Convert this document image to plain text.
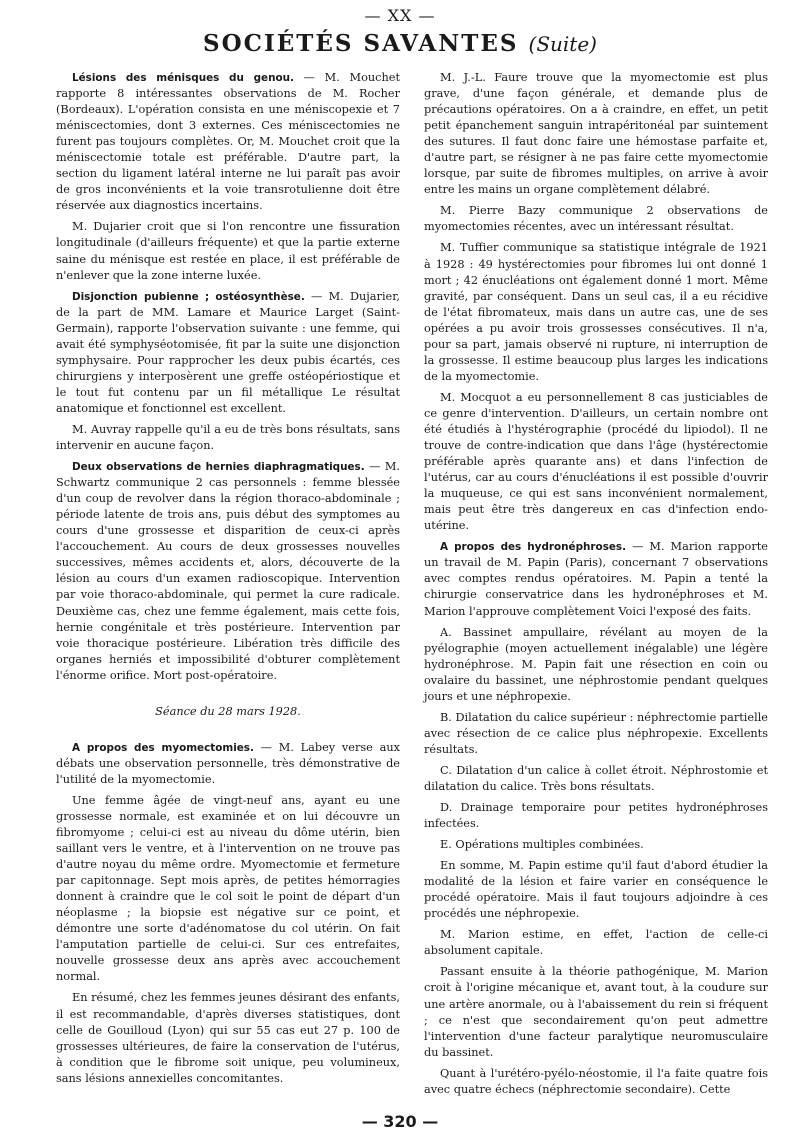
— XX —
SOCIÉTÉS SAVANTES (Suite)

Lésions des ménisques du genou. — M. Mouchet rapporte 8 intéressantes observations de M. Rocher (Bordeaux). L'opération consista en une méniscopexie et 7 méniscectomies, dont 3 externes. Ces méniscectomies ne furent pas toujours complètes. Or, M. Mouchet croit que la méniscectomie totale est préférable. D'autre part, la section du ligament latéral interne ne lui paraît pas avoir de gros inconvénients et la voie transrotulienne doit être réservée aux diagnostics incertains.

M. Dujarier croit que si l'on rencontre une fissuration longitudinale (d'ailleurs fréquente) et que la partie externe saine du ménisque est restée en place, il est préférable de n'enlever que la zone interne luxée.

Disjonction pubienne ; ostéosynthèse. — M. Dujarier, de la part de MM. Lamare et Maurice Larget (Saint-Germain), rapporte l'observation suivante : une femme, qui avait été symphyséotomisée, fit par la suite une disjonction symphysaire. Pour rapprocher les deux pubis écartés, ces chirurgiens y interposèrent une greffe ostéopériostique et le tout fut contenu par un fil métallique Le résultat anatomique et fonctionnel est excellent.

M. Auvray rappelle qu'il a eu de très bons résultats, sans intervenir en aucune façon.

Deux observations de hernies diaphragmatiques. — M. Schwartz communique 2 cas personnels : femme blessée d'un coup de revolver dans la région thoraco-abdominale ; période latente de trois ans, puis début des symptomes au cours d'une grossesse et disparition de ceux-ci après l'accouchement. Au cours de deux grossesses nouvelles successives, mêmes accidents et, alors, découverte de la lésion au cours d'un examen radioscopique. Intervention par voie thoraco-abdominale, qui permet la cure radicale. Deuxième cas, chez une femme également, mais cette fois, hernie congénitale et très postérieure. Intervention par voie thoracique postérieure. Libération très difficile des organes herniés et impossibilité d'obturer complètement l'énorme orifice. Mort post-opératoire.

Séance du 28 mars 1928.

A propos des myomectomies. — M. Labey verse aux débats une observation personnelle, très démonstrative de l'utilité de la myomectomie.

Une femme âgée de vingt-neuf ans, ayant eu une grossesse normale, est examinée et on lui découvre un fibromyome ; celui-ci est au niveau du dôme utérin, bien saillant vers le ventre, et à l'intervention on ne trouve pas d'autre noyau du même ordre. Myomectomie et fermeture par capitonnage. Sept mois après, de petites hémorragies donnent à craindre que le col soit le point de départ d'un néoplasme ; la biopsie est négative sur ce point, et démontre une sorte d'adénomatose du col utérin. On fait l'amputation partielle de celui-ci. Sur ces entrefaites, nouvelle grossesse deux ans après avec accouchement normal.

En résumé, chez les femmes jeunes désirant des enfants, il est recommandable, d'après diverses statistiques, dont celle de Gouilloud (Lyon) qui sur 55 cas eut 27 p. 100 de grossesses ultérieures, de faire la conservation de l'utérus, à condition que le fibrome soit unique, peu volumineux, sans lésions annexielles concomitantes.

M. J.-L. Faure trouve que la myomectomie est plus grave, d'une façon générale, et demande plus de précautions opératoires. On a à craindre, en effet, un petit petit épanchement sanguin intrapéritonéal par suintement des sutures. Il faut donc faire une hémostase parfaite et, d'autre part, se résigner à ne pas faire cette myomectomie lorsque, par suite de fibromes multiples, on arrive à avoir entre les mains un organe complètement délabré.

M. Pierre Bazy communique 2 observations de myomectomies récentes, avec un intéressant résultat.

M. Tuffier communique sa statistique intégrale de 1921 à 1928 : 49 hystérectomies pour fibromes lui ont donné 1 mort ; 42 énucléations ont également donné 1 mort. Même gravité, par conséquent. Dans un seul cas, il a eu récidive de l'état fibromateux, mais dans un autre cas, une de ses opérées a pu avoir trois grossesses consécutives. Il n'a, pour sa part, jamais observé ni rupture, ni interruption de la grossesse. Il estime beaucoup plus larges les indications de la myomectomie.

M. Mocquot a eu personnellement 8 cas justiciables de ce genre d'intervention. D'ailleurs, un certain nombre ont été étudiés à l'hystérographie (procédé du lipiodol). Il ne trouve de contre-indication que dans l'âge (hystérectomie préférable après quarante ans) et dans l'infection de l'utérus, car au cours d'énucléations il est possible d'ouvrir la muqueuse, ce qui est sans inconvénient normalement, mais peut être très dangereux en cas d'infection endo-utérine.

A propos des hydronéphroses. — M. Marion rapporte un travail de M. Papin (Paris), concernant 7 observations avec comptes rendus opératoires. M. Papin a tenté la chirurgie conservatrice dans les hydronéphroses et M. Marion l'approuve complètement Voici l'exposé des faits.

A. Bassinet ampullaire, révélant au moyen de la pyélographie (moyen actuellement inégalable) une légère hydronéphrose. M. Papin fait une résection en coin ou ovalaire du bassinet, une néphrostomie pendant quelques jours et une néphropexie.

B. Dilatation du calice supérieur : néphrectomie partielle avec résection de ce calice plus néphropexie. Excellents résultats.

C. Dilatation d'un calice à collet étroit. Néphrostomie et dilatation du calice. Très bons résultats.

D. Drainage temporaire pour petites hydronéphroses infectées.

E. Opérations multiples combinées.

En somme, M. Papin estime qu'il faut d'abord étudier la modalité de la lésion et faire varier en conséquence le procédé opératoire. Mais il faut toujours adjoindre à ces procédés une néphropexie.

M. Marion estime, en effet, l'action de celle-ci absolument capitale.

Passant ensuite à la théorie pathogénique, M. Marion croit à l'origine mécanique et, avant tout, à la coudure sur une artère anormale, ou à l'abaissement du rein si fréquent ; ce n'est que secondairement qu'on peut admettre l'intervention d'une facteur paralytique neuromusculaire du bassinet.

Quant à l'urétéro-pyélo-néostomie, il l'a faite quatre fois avec quatre échecs (néphrectomie secondaire). Cette

— 320 —
